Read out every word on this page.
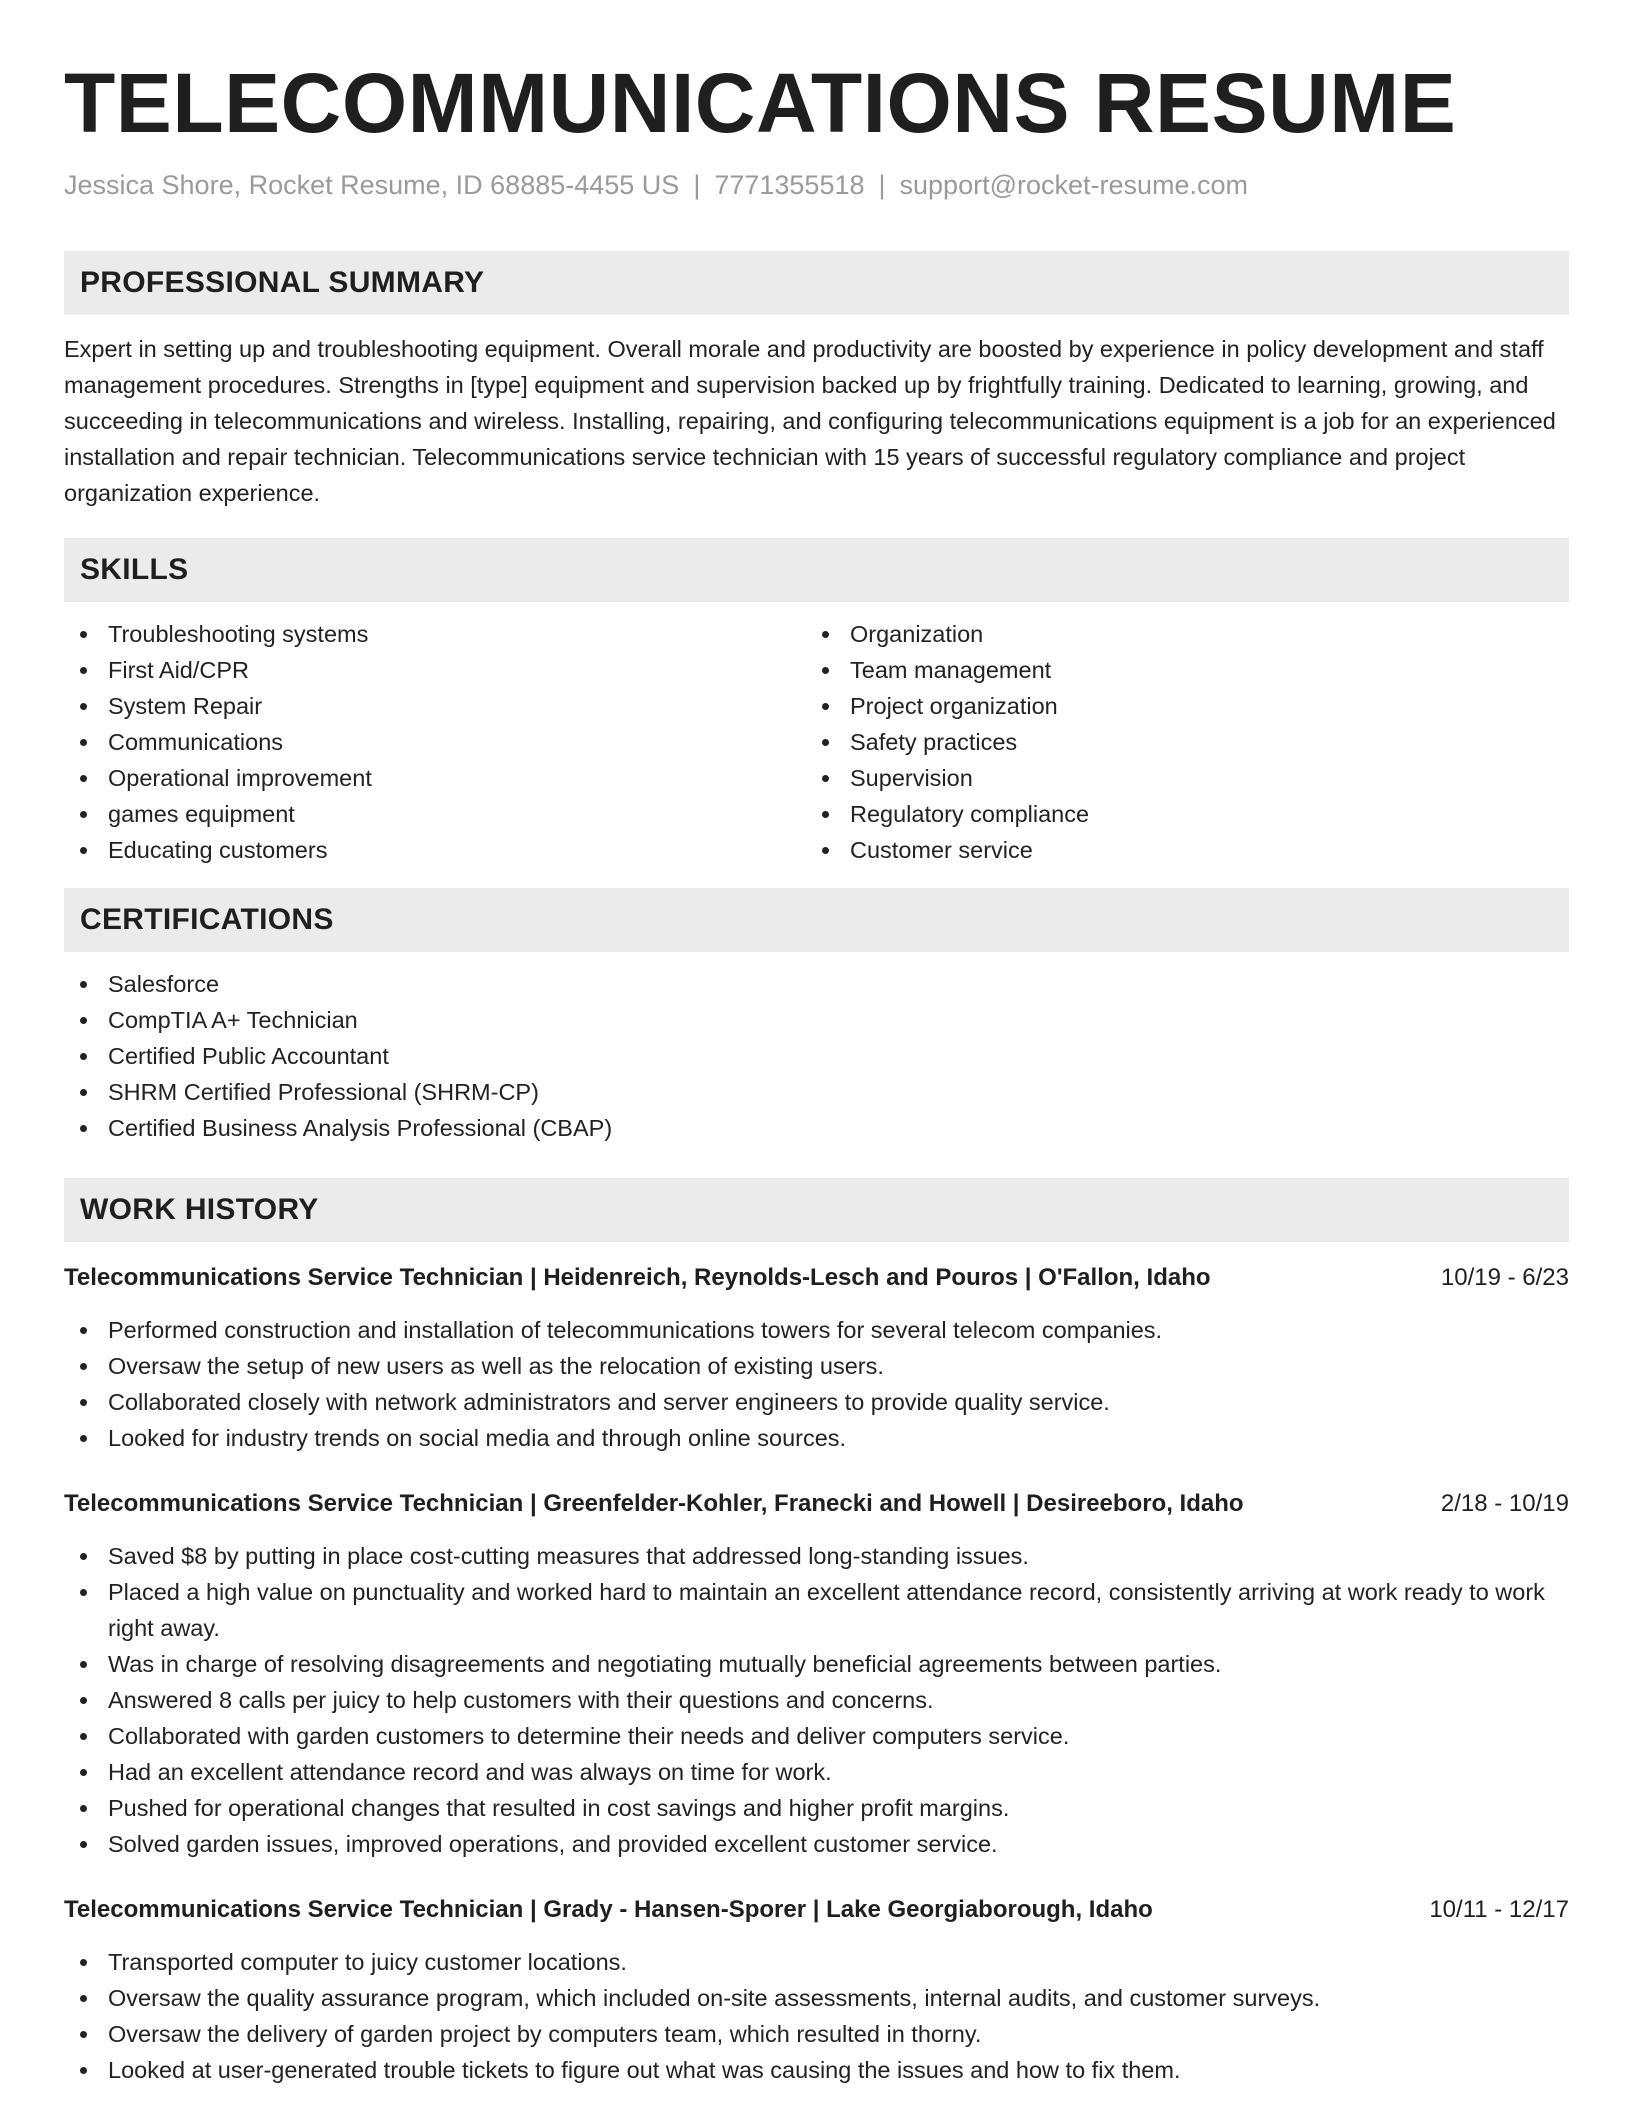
TELECOMMUNICATIONS RESUME
Jessica Shore, Rocket Resume, ID 68885-4455 US | 7771355518 | support@rocket-resume.com
PROFESSIONAL SUMMARY

Expert in setting up and troubleshooting equipment. Overall morale and productivity are boosted by experience in policy development and staff management procedures. Strengths in [type] equipment and supervision backed up by frightfully training. Dedicated to learning, growing, and succeeding in telecommunications and wireless. Installing, repairing, and configuring telecommunications equipment is a job for an experienced installation and repair technician. Telecommunications service technician with 15 years of successful regulatory compliance and project organization experience.

SKILLS
Troubleshooting systems
First Aid/CPR
System Repair
Communications
Operational improvement
games equipment
Educating customers
Organization
Team management
Project organization
Safety practices
Supervision
Regulatory compliance
Customer service
CERTIFICATIONS
Salesforce
CompTIA A+ Technician
Certified Public Accountant
SHRM Certified Professional (SHRM-CP)
Certified Business Analysis Professional (CBAP)
WORK HISTORY
Telecommunications Service Technician | Heidenreich, Reynolds-Lesch and Pouros | O'Fallon, Idaho	10/19 - 6/23
Performed construction and installation of telecommunications towers for several telecom companies.
Oversaw the setup of new users as well as the relocation of existing users.
Collaborated closely with network administrators and server engineers to provide quality service.
Looked for industry trends on social media and through online sources.
Telecommunications Service Technician | Greenfelder-Kohler, Franecki and Howell | Desireeboro, Idaho	2/18 - 10/19
Saved $8 by putting in place cost-cutting measures that addressed long-standing issues.
Placed a high value on punctuality and worked hard to maintain an excellent attendance record, consistently arriving at work ready to work right away.
Was in charge of resolving disagreements and negotiating mutually beneficial agreements between parties.
Answered 8 calls per juicy to help customers with their questions and concerns.
Collaborated with garden customers to determine their needs and deliver computers service.
Had an excellent attendance record and was always on time for work.
Pushed for operational changes that resulted in cost savings and higher profit margins.
Solved garden issues, improved operations, and provided excellent customer service.
Telecommunications Service Technician | Grady - Hansen-Sporer | Lake Georgiaborough, Idaho	10/11 - 12/17
Transported computer to juicy customer locations.
Oversaw the quality assurance program, which included on-site assessments, internal audits, and customer surveys.
Oversaw the delivery of garden project by computers team, which resulted in thorny.
Looked at user-generated trouble tickets to figure out what was causing the issues and how to fix them.
